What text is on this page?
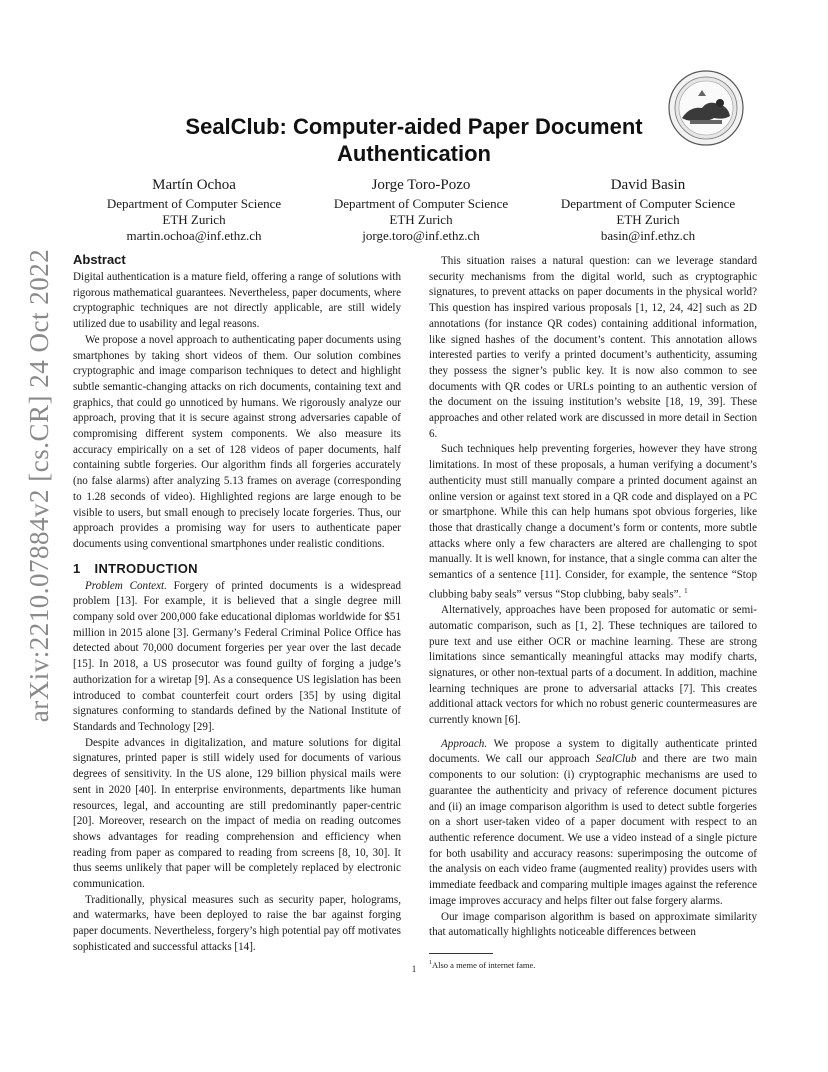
arXiv:2210.07884v2 [cs.CR] 24 Oct 2022
SealClub: Computer-aided Paper Document
Authentication
Martín Ochoa
Department of Computer Science
ETH Zurich
martin.ochoa@inf.ethz.ch
Jorge Toro-Pozo
Department of Computer Science
ETH Zurich
jorge.toro@inf.ethz.ch
David Basin
Department of Computer Science
ETH Zurich
basin@inf.ethz.ch
Abstract

Digital authentication is a mature field, offering a range of solutions with rigorous mathematical guarantees. Nevertheless, paper documents, where cryptographic techniques are not directly applicable, are still widely utilized due to usability and legal reasons.

We propose a novel approach to authenticating paper documents using smartphones by taking short videos of them. Our solution combines cryptographic and image comparison techniques to detect and highlight subtle semantic-changing attacks on rich documents, containing text and graphics, that could go unnoticed by humans. We rigorously analyze our approach, proving that it is secure against strong adversaries capable of compromising different system components. We also measure its accuracy empirically on a set of 128 videos of paper documents, half containing subtle forgeries. Our algorithm finds all forgeries accurately (no false alarms) after analyzing 5.13 frames on average (corresponding to 1.28 seconds of video). Highlighted regions are large enough to be visible to users, but small enough to precisely locate forgeries. Thus, our approach provides a promising way for users to authenticate paper documents using conventional smartphones under realistic conditions.

1 INTRODUCTION

Problem Context. Forgery of printed documents is a widespread problem [13]. For example, it is believed that a single degree mill company sold over 200,000 fake educational diplomas worldwide for $51 million in 2015 alone [3]. Germany’s Federal Criminal Police Office has detected about 70,000 document forgeries per year over the last decade [15]. In 2018, a US prosecutor was found guilty of forging a judge’s authorization for a wiretap [9]. As a consequence US legislation has been introduced to combat counterfeit court orders [35] by using digital signatures conforming to standards defined by the National Institute of Standards and Technology [29].

Despite advances in digitalization, and mature solutions for digital signatures, printed paper is still widely used for documents of various degrees of sensitivity. In the US alone, 129 billion physical mails were sent in 2020 [40]. In enterprise environments, departments like human resources, legal, and accounting are still predominantly paper-centric [20]. Moreover, research on the impact of media on reading outcomes shows advantages for reading comprehension and efficiency when reading from paper as compared to reading from screens [8, 10, 30]. It thus seems unlikely that paper will be completely replaced by electronic communication.

Traditionally, physical measures such as security paper, holograms, and watermarks, have been deployed to raise the bar against forging paper documents. Nevertheless, forgery’s high potential pay off motivates sophisticated and successful attacks [14].

This situation raises a natural question: can we leverage standard security mechanisms from the digital world, such as cryptographic signatures, to prevent attacks on paper documents in the physical world? This question has inspired various proposals [1, 12, 24, 42] such as 2D annotations (for instance QR codes) containing additional information, like signed hashes of the document’s content. This annotation allows interested parties to verify a printed document’s authenticity, assuming they possess the signer’s public key. It is now also common to see documents with QR codes or URLs pointing to an authentic version of the document on the issuing institution’s website [18, 19, 39]. These approaches and other related work are discussed in more detail in Section 6.

Such techniques help preventing forgeries, however they have strong limitations. In most of these proposals, a human verifying a document’s authenticity must still manually compare a printed document against an online version or against text stored in a QR code and displayed on a PC or smartphone. While this can help humans spot obvious forgeries, like those that drastically change a document’s form or contents, more subtle attacks where only a few characters are altered are challenging to spot manually. It is well known, for instance, that a single comma can alter the semantics of a sentence [11]. Consider, for example, the sentence “Stop clubbing baby seals” versus “Stop clubbing, baby seals”. $^1$

Alternatively, approaches have been proposed for automatic or semi-automatic comparison, such as [1, 2]. These techniques are tailored to pure text and use either OCR or machine learning. These are strong limitations since semantically meaningful attacks may modify charts, signatures, or other non-textual parts of a document. In addition, machine learning techniques are prone to adversarial attacks [7]. This creates additional attack vectors for which no robust generic countermeasures are currently known [6].

Approach. We propose a system to digitally authenticate printed documents. We call our approach SealClub and there are two main components to our solution: (i) cryptographic mechanisms are used to guarantee the authenticity and privacy of reference document pictures and (ii) an image comparison algorithm is used to detect subtle forgeries on a short user-taken video of a paper document with respect to an authentic reference document. We use a video instead of a single picture for both usability and accuracy reasons: superimposing the outcome of the analysis on each video frame (augmented reality) provides users with immediate feedback and comparing multiple images against the reference image improves accuracy and helps filter out false forgery alarms.

Our image comparison algorithm is based on approximate similarity that automatically highlights noticeable differences between

$^1$Also a meme of internet fame.
1
